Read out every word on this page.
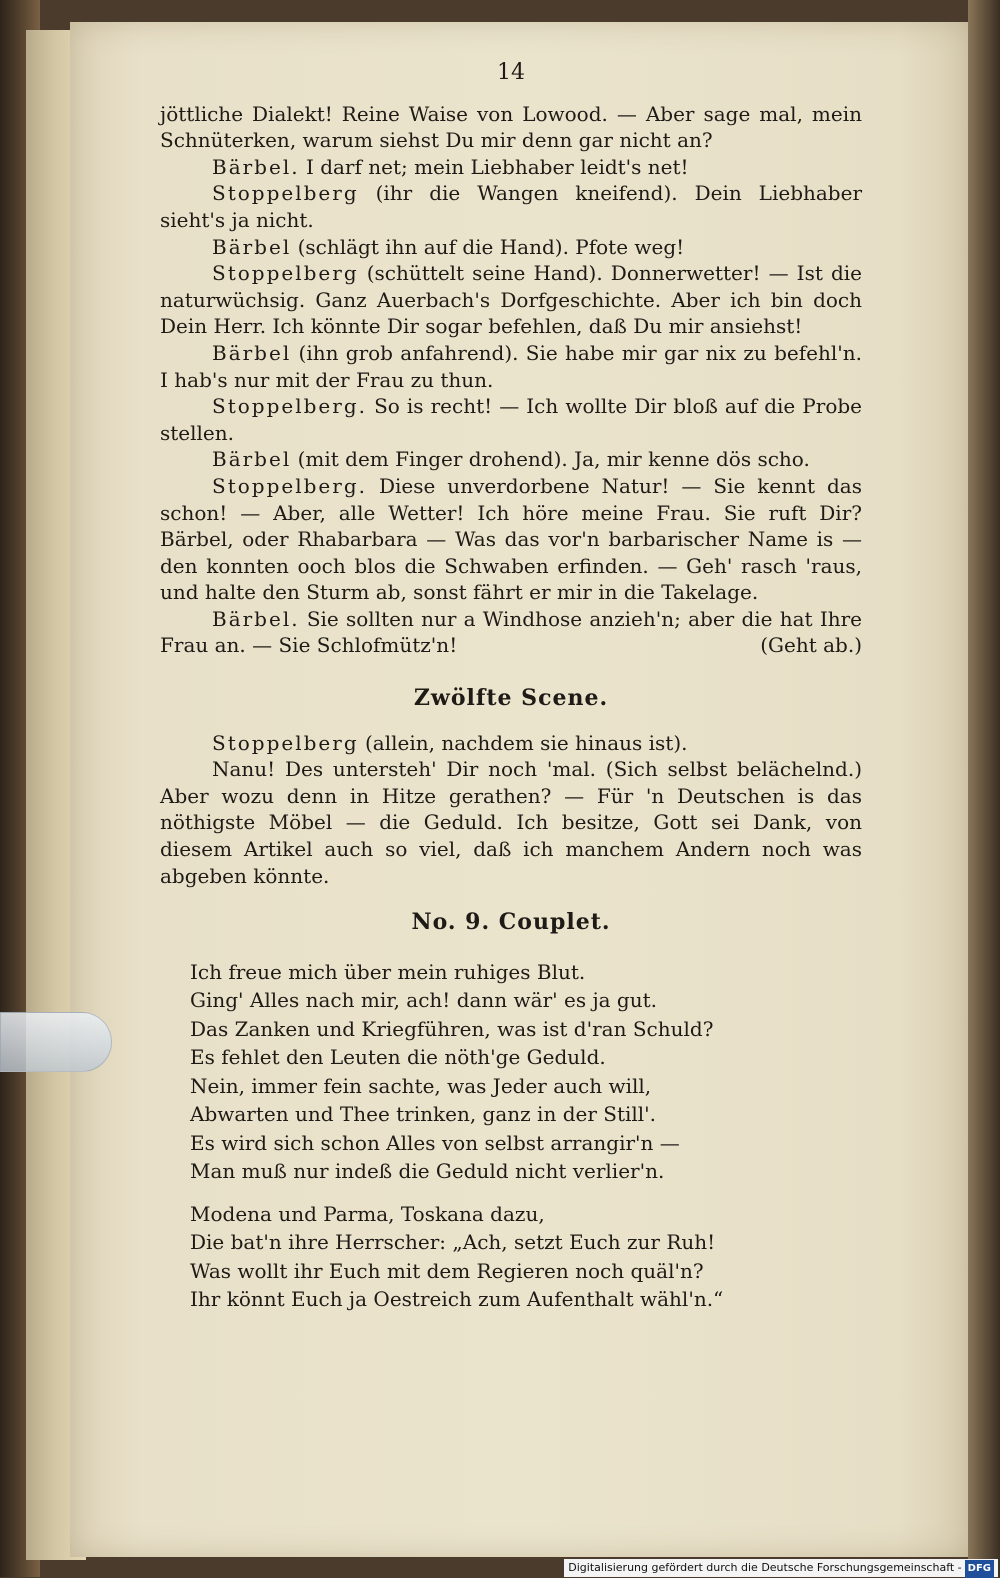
14

jöttliche Dialekt! Reine Waise von Lowood. — Aber sage mal, mein Schnüterken, warum siehst Du mir denn gar nicht an?

Bärbel. I darf net; mein Liebhaber leidt's net!

Stoppelberg (ihr die Wangen kneifend). Dein Liebhaber sieht's ja nicht.

Bärbel (schlägt ihn auf die Hand). Pfote weg!

Stoppelberg (schüttelt seine Hand). Donnerwetter! — Ist die naturwüchsig. Ganz Auerbach's Dorfgeschichte. Aber ich bin doch Dein Herr. Ich könnte Dir sogar befehlen, daß Du mir ansiehst!

Bärbel (ihn grob anfahrend). Sie habe mir gar nix zu befehl'n. I hab's nur mit der Frau zu thun.

Stoppelberg. So is recht! — Ich wollte Dir bloß auf die Probe stellen.

Bärbel (mit dem Finger drohend). Ja, mir kenne dös scho.

Stoppelberg. Diese unverdorbene Natur! — Sie kennt das schon! — Aber, alle Wetter! Ich höre meine Frau. Sie ruft Dir? Bärbel, oder Rhabarbara — Was das vor'n barbarischer Name is — den konnten ooch blos die Schwaben erfinden. — Geh' rasch 'raus, und halte den Sturm ab, sonst fährt er mir in die Takelage.

Bärbel. Sie sollten nur a Windhose anzieh'n; aber die hat Ihre Frau an. — Sie Schlofmütz'n!	(Geht ab.)

Zwölfte Scene.

Stoppelberg (allein, nachdem sie hinaus ist).

Nanu! Des untersteh' Dir noch 'mal. (Sich selbst belächelnd.) Aber wozu denn in Hitze gerathen? — Für 'n Deutschen is das nöthigste Möbel — die Geduld. Ich besitze, Gott sei Dank, von diesem Artikel auch so viel, daß ich manchem Andern noch was abgeben könnte.

No. 9. Couplet.
Ich freue mich über mein ruhiges Blut.
Ging' Alles nach mir, ach! dann wär' es ja gut.
Das Zanken und Kriegführen, was ist d'ran Schuld?
Es fehlet den Leuten die nöth'ge Geduld.
Nein, immer fein sachte, was Jeder auch will,
Abwarten und Thee trinken, ganz in der Still'.
Es wird sich schon Alles von selbst arrangir'n —
Man muß nur indeß die Geduld nicht verlier'n.
Modena und Parma, Toskana dazu,
Die bat'n ihre Herrscher: „Ach, setzt Euch zur Ruh!
Was wollt ihr Euch mit dem Regieren noch quäl'n?
Ihr könnt Euch ja Oestreich zum Aufenthalt wähl'n.“
Digitalisierung gefördert durch die Deutsche Forschungsgemeinschaft - DFG
